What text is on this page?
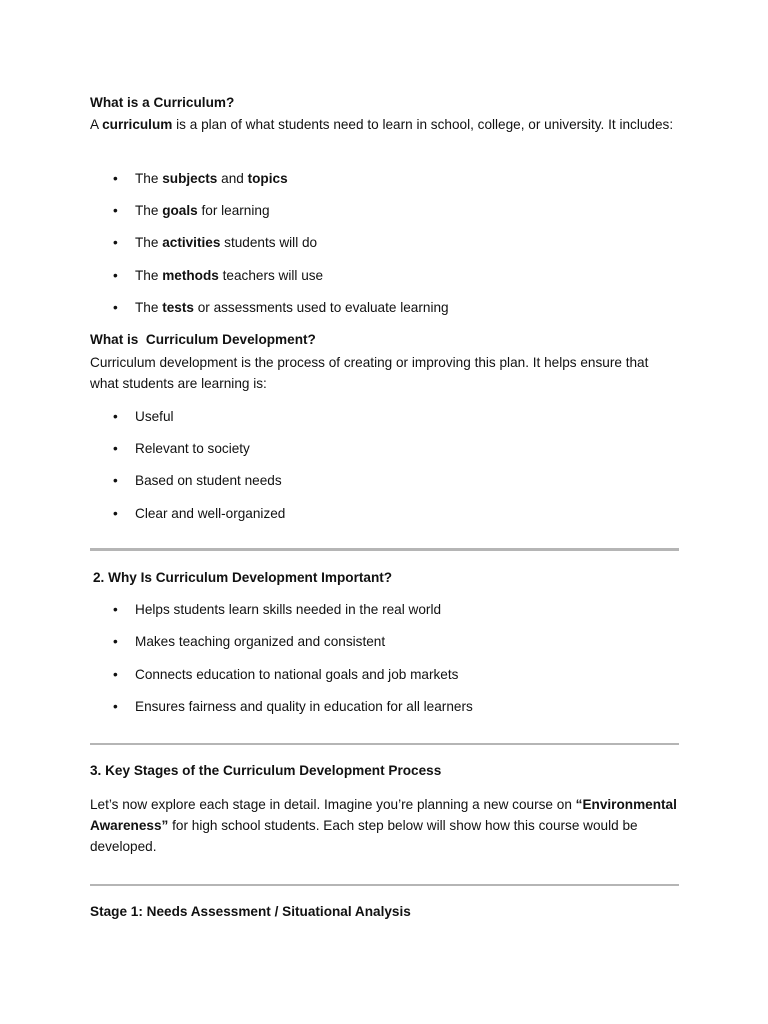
What is a Curriculum?

A curriculum is a plan of what students need to learn in school, college, or university. It includes:

• The subjects and topics
• The goals for learning
• The activities students will do
• The methods teachers will use
• The tests or assessments used to evaluate learning
What is  Curriculum Development?

Curriculum development is the process of creating or improving this plan. It helps ensure that what students are learning is:

• Useful
• Relevant to society
• Based on student needs
• Clear and well-organized
2. Why Is Curriculum Development Important?
• Helps students learn skills needed in the real world
• Makes teaching organized and consistent
• Connects education to national goals and job markets
• Ensures fairness and quality in education for all learners
3. Key Stages of the Curriculum Development Process

Let’s now explore each stage in detail. Imagine you’re planning a new course on “Environmental Awareness” for high school students. Each step below will show how this course would be developed.

Stage 1: Needs Assessment / Situational Analysis
